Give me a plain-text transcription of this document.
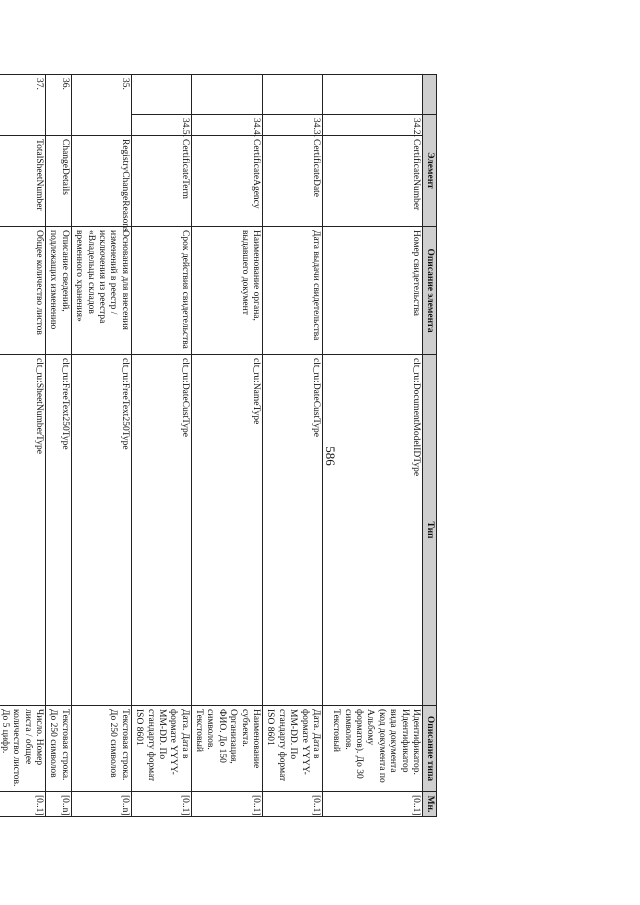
586
	Элемент		Описание элемента	Тип	Описание типа	Мн.
	34.2.	CertificateNumber	Номер свидетельства	clt_ru:DocumentModelIDType	Идентификатор. Идентификатор вида документа (код документа по Альбому форматов). До 30 символов. Текстовый	[0..1]
	34.3.	CertificateDate	Дата выдачи свидетельства	clt_ru:DateCustType	Дата. Дата в формате YYYY-MM-DD. По стандарту формат ISO 8601	[0..1]
	34.4.	CertificateAgency	Наименование органа, выдавшего документ	clt_ru:NameType	Наименование субъекта. Организация, ФИО. До 150 символов. Текстовый	[0..1]
	34.5.	CertificateTerm	Срок действия свидетельства	clt_ru:DateCustType	Дата. Дата в формате YYYY-MM-DD. По стандарту формат ISO 8601	[0..1]
35.		RegistryChangeReasons	Основания для внесения изменений в реестр / исключения из реестра «Владельцы складов временного хранения»	clt_ru:FreeText250Type	Текстовая строка. До 250 символов	[0..n]
36.		ChangeDetails	Описание сведений, подлежащих изменению	clt_ru:FreeText250Type	Текстовая строка. До 250 символов	[0..n]
37.		TotalSheetNumber	Общее количество листов	clt_ru:SheetNumberType	Число. Номер листа / общее количество листов. До 5 цифр.	[0..1]
